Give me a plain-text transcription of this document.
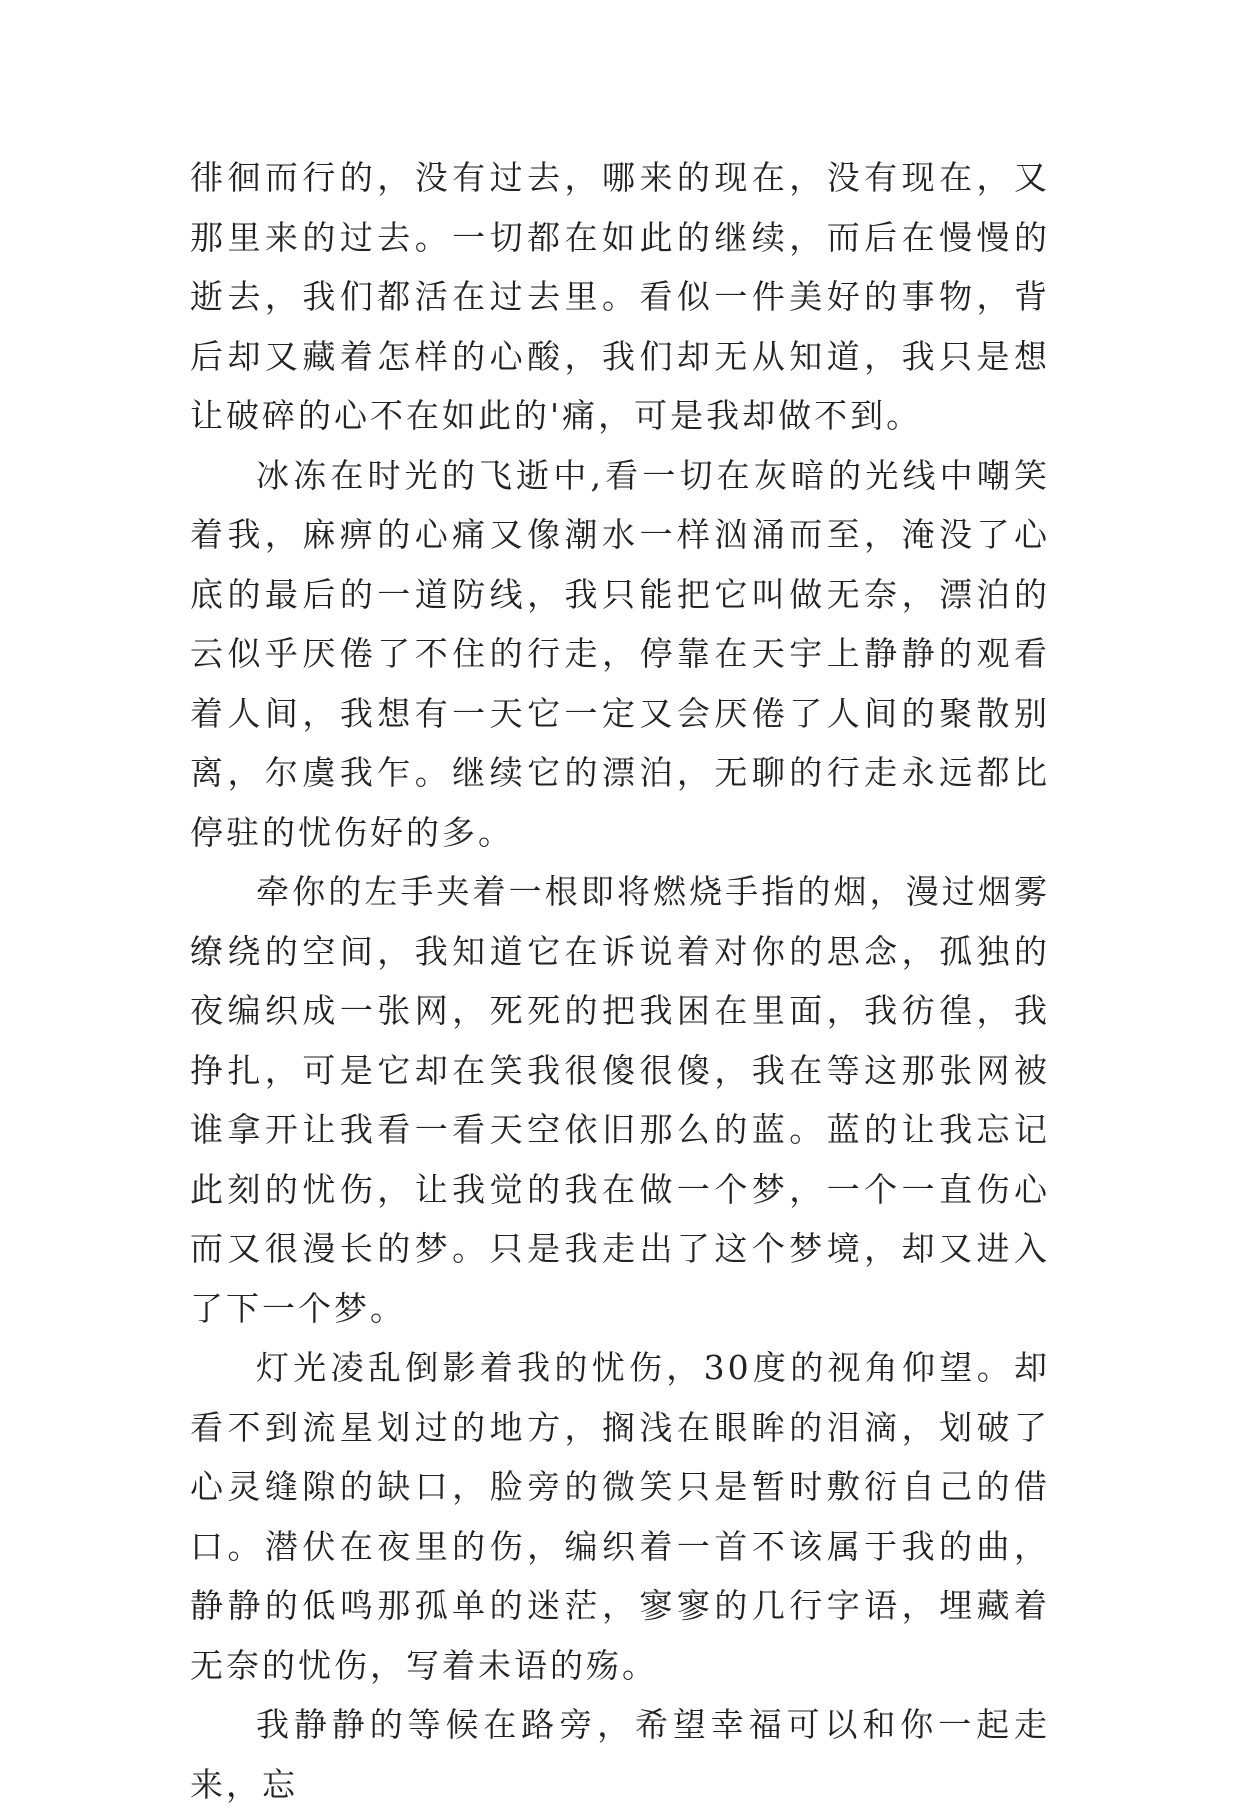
徘徊而行的，没有过去，哪来的现在，没有现在，又那里来的过去。一切都在如此的继续，而后在慢慢的逝去，我们都活在过去里。看似一件美好的事物，背后却又藏着怎样的心酸，我们却无从知道，我只是想让破碎的心不在如此的'痛，可是我却做不到。

冰冻在时光的飞逝中,看一切在灰暗的光线中嘲笑着我，麻痹的心痛又像潮水一样汹涌而至，淹没了心底的最后的一道防线，我只能把它叫做无奈，漂泊的云似乎厌倦了不住的行走，停靠在天宇上静静的观看着人间，我想有一天它一定又会厌倦了人间的聚散别离，尔虞我乍。继续它的漂泊，无聊的行走永远都比停驻的忧伤好的多。

牵你的左手夹着一根即将燃烧手指的烟，漫过烟雾缭绕的空间，我知道它在诉说着对你的思念，孤独的夜编织成一张网，死死的把我困在里面，我彷徨，我挣扎，可是它却在笑我很傻很傻，我在等这那张网被谁拿开让我看一看天空依旧那么的蓝。蓝的让我忘记此刻的忧伤，让我觉的我在做一个梦，一个一直伤心而又很漫长的梦。只是我走出了这个梦境，却又进入了下一个梦。

灯光凌乱倒影着我的忧伤，30度的视角仰望。却看不到流星划过的地方，搁浅在眼眸的泪滴，划破了心灵缝隙的缺口，脸旁的微笑只是暂时敷衍自己的借口。潜伏在夜里的伤，编织着一首不该属于我的曲，静静的低鸣那孤单的迷茫，寥寥的几行字语，埋藏着无奈的忧伤，写着未语的殇。

我静静的等候在路旁，希望幸福可以和你一起走来，忘
